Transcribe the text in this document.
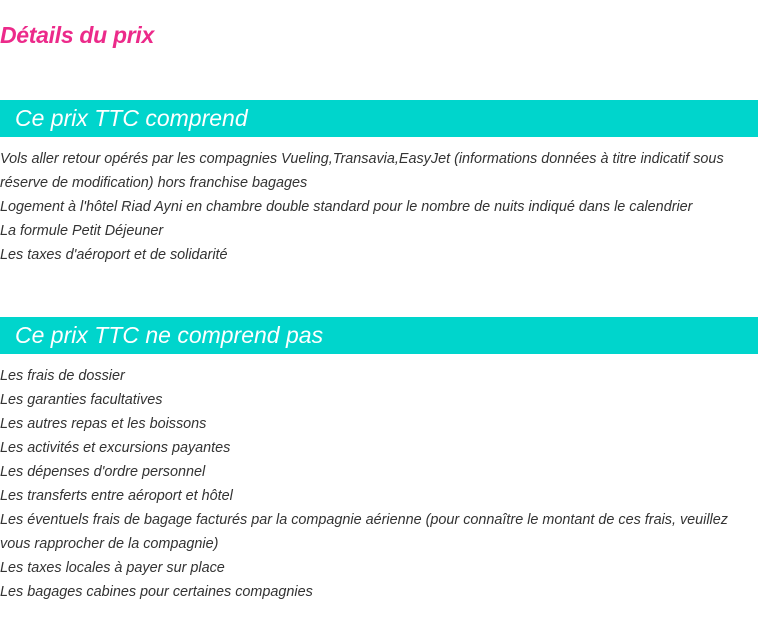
Détails du prix
Ce prix TTC comprend
Vols aller retour opérés par les compagnies Vueling,Transavia,EasyJet (informations données à titre indicatif sous réserve de modification) hors franchise bagages
Logement à l'hôtel Riad Ayni en chambre double standard pour le nombre de nuits indiqué dans le calendrier
La formule Petit Déjeuner
Les taxes d'aéroport et de solidarité
Ce prix TTC ne comprend pas
Les frais de dossier
Les garanties facultatives
Les autres repas et les boissons
Les activités et excursions payantes
Les dépenses d'ordre personnel
Les transferts entre aéroport et hôtel
Les éventuels frais de bagage facturés par la compagnie aérienne (pour connaître le montant de ces frais, veuillez vous rapprocher de la compagnie)
Les taxes locales à payer sur place
Les bagages cabines pour certaines compagnies
